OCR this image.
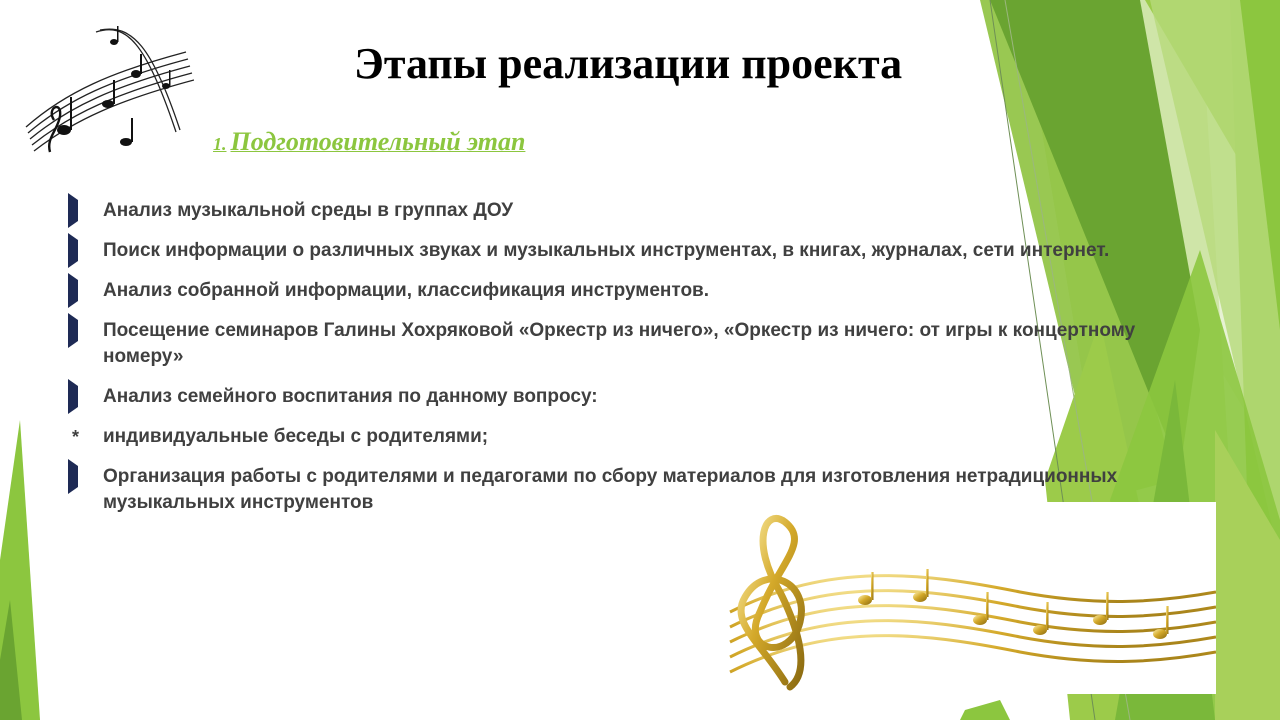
Этапы реализации проекта
1. Подготовительный этап
Анализ музыкальной среды в группах ДОУ
Поиск информации о различных звуках и музыкальных инструментах, в книгах, журналах, сети интернет.
Анализ собранной информации, классификация инструментов.
Посещение семинаров Галины Хохряковой «Оркестр из ничего», «Оркестр из ничего: от игры к концертному номеру»
Анализ семейного воспитания по данному вопросу:
*	индивидуальные беседы с родителями;
Организация работы с родителями и педагогами по сбору материалов для изготовления нетрадиционных музыкальных инструментов
